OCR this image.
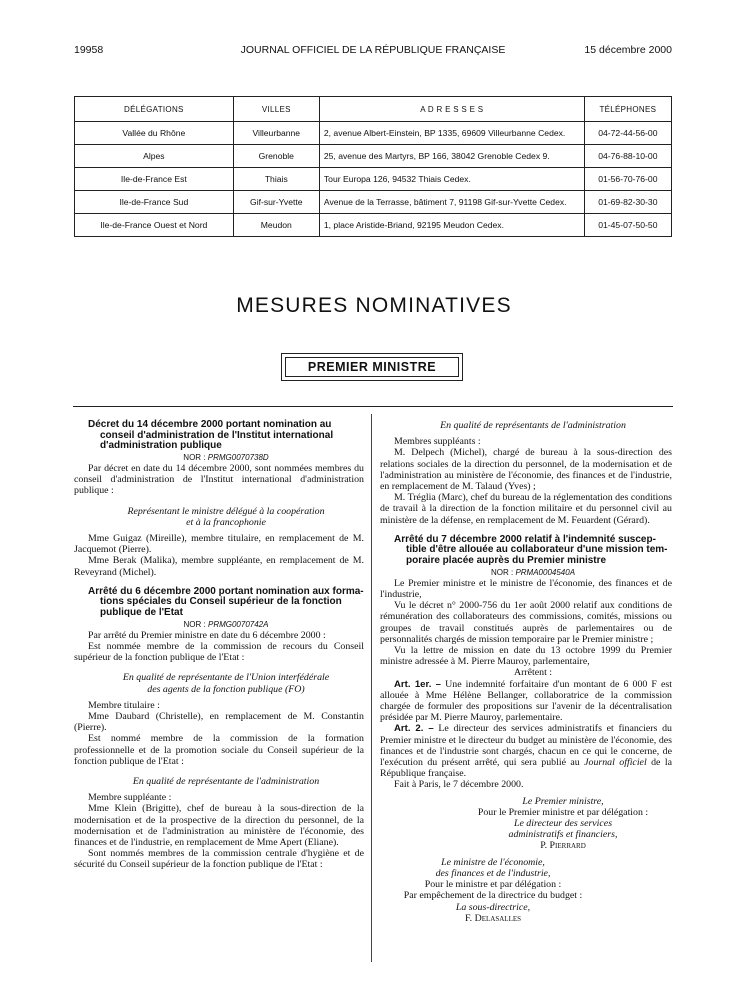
19958	JOURNAL OFFICIEL DE LA RÉPUBLIQUE FRANÇAISE	15 décembre 2000
DÉLÉGATIONS	VILLES	A D R E S S E S	TÉLÉPHONES
Vallée du Rhône	Villeurbanne	2, avenue Albert-Einstein, BP 1335, 69609 Villeurbanne Cedex.	04-72-44-56-00
Alpes	Grenoble	25, avenue des Martyrs, BP 166, 38042 Grenoble Cedex 9.	04-76-88-10-00
Ile-de-France Est	Thiais	Tour Europa 126, 94532 Thiais Cedex.	01-56-70-76-00
Ile-de-France Sud	Gif-sur-Yvette	Avenue de la Terrasse, bâtiment 7, 91198 Gif-sur-Yvette Cedex.	01-69-82-30-30
Ile-de-France Ouest et Nord	Meudon	1, place Aristide-Briand, 92195 Meudon Cedex.	01-45-07-50-50
MESURES NOMINATIVES
PREMIER MINISTRE

Décret du 14 décembre 2000 portant nomination au
conseil d'administration de l'Institut international
d'administration publique

NOR : PRMG0070738D

Par décret en date du 14 décembre 2000, sont nommées membres du conseil d'administration de l'Institut international d'administration publique :

Représentant le ministre délégué à la coopération

et à la francophonie

Mme Guigaz (Mireille), membre titulaire, en remplacement de M. Jacquemot (Pierre).

Mme Berak (Malika), membre suppléante, en remplacement de M. Reveyrand (Michel).

Arrêté du 6 décembre 2000 portant nomination aux forma-
tions spéciales du Conseil supérieur de la fonction
publique de l'Etat

NOR : PRMG0070742A

Par arrêté du Premier ministre en date du 6 décembre 2000 :

Est nommée membre de la commission de recours du Conseil supérieur de la fonction publique de l'Etat :

En qualité de représentante de l'Union interfédérale

des agents de la fonction publique (FO)

Membre titulaire :

Mme Daubard (Christelle), en remplacement de M. Constantin (Pierre).

Est nommé membre de la commission de la formation professionnelle et de la promotion sociale du Conseil supérieur de la fonction publique de l'Etat :

En qualité de représentante de l'administration

Membre suppléante :

Mme Klein (Brigitte), chef de bureau à la sous-direction de la modernisation et de la prospective de la direction du personnel, de la modernisation et de l'administration au ministère de l'économie, des finances et de l'industrie, en remplacement de Mme Apert (Eliane).

Sont nommés membres de la commission centrale d'hygiène et de sécurité du Conseil supérieur de la fonction publique de l'Etat :

En qualité de représentants de l'administration

Membres suppléants :

M. Delpech (Michel), chargé de bureau à la sous-direction des relations sociales de la direction du personnel, de la modernisation et de l'administration au ministère de l'économie, des finances et de l'industrie, en remplacement de M. Talaud (Yves) ;

M. Tréglia (Marc), chef du bureau de la réglementation des conditions de travail à la direction de la fonction militaire et du personnel civil au ministère de la défense, en remplacement de M. Feuardent (Gérard).

Arrêté du 7 décembre 2000 relatif à l'indemnité suscep-
tible d'être allouée au collaborateur d'une mission tem-
poraire placée auprès du Premier ministre

NOR : PRMA0004540A

Le Premier ministre et le ministre de l'économie, des finances et de l'industrie,

Vu le décret n° 2000-756 du 1er août 2000 relatif aux conditions de rémunération des collaborateurs des commissions, comités, missions ou groupes de travail constitués auprès de parlementaires ou de personnalités chargés de mission temporaire par le Premier ministre ;

Vu la lettre de mission en date du 13 octobre 1999 du Premier ministre adressée à M. Pierre Mauroy, parlementaire,

Arrêtent :

Art. 1er. – Une indemnité forfaitaire d'un montant de 6 000 F est allouée à Mme Hélène Bellanger, collaboratrice de la commission chargée de formuler des propositions sur l'avenir de la décentralisation présidée par M. Pierre Mauroy, parlementaire.

Art. 2. – Le directeur des services administratifs et financiers du Premier ministre et le directeur du budget au ministère de l'économie, des finances et de l'industrie sont chargés, chacun en ce qui le concerne, de l'exécution du présent arrêté, qui sera publié au Journal officiel de la République française.

Fait à Paris, le 7 décembre 2000.

Le Premier ministre,

Pour le Premier ministre et par délégation :

Le directeur des services

administratifs et financiers,

P. Pierrard

Le ministre de l'économie,

des finances et de l'industrie,

Pour le ministre et par délégation :

Par empêchement de la directrice du budget :

La sous-directrice,

F. Delasalles
